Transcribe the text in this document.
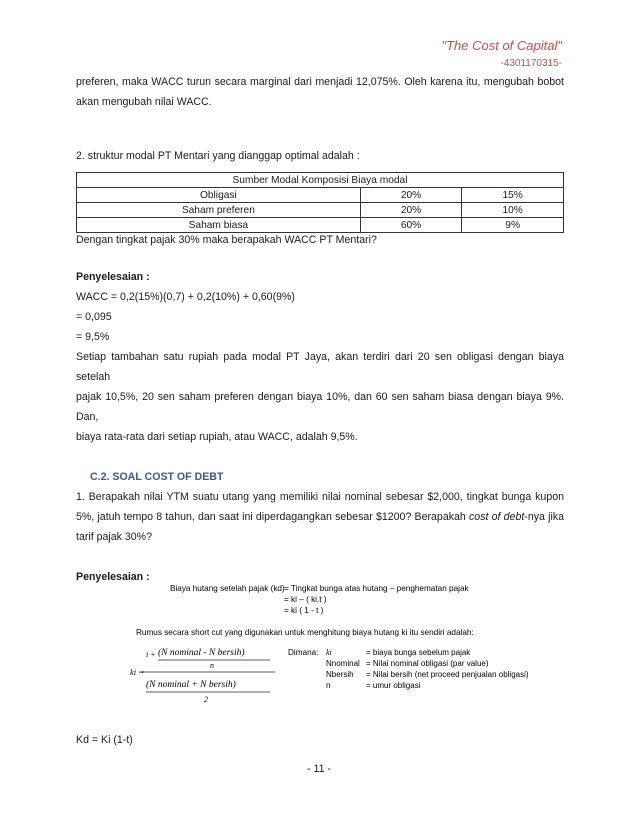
"The Cost of Capital"
-4301170315-

preferen, maka WACC turun secara marginal dari menjadi 12,075%. Oleh karena itu, mengubah bobot

akan mengubah nilai WACC.

2. struktur modal PT Mentari yang dianggap optimal adalah :

Sumber Modal Komposisi Biaya modal		
Obligasi	20%	15%
Saham preferen	20%	10%
Saham biasa	60%	9%

Dengan tingkat pajak 30% maka berapakah WACC PT Mentari?

Penyelesaian :

WACC = 0,2(15%)(0,7) + 0,2(10%) + 0,60(9%)

= 0,095

= 9,5%

Setiap tambahan satu rupiah pada modal PT Jaya, akan terdiri dari 20 sen obligasi dengan biaya setelah

pajak 10,5%, 20 sen saham preferen dengan biaya 10%, dan 60 sen saham biasa dengan biaya 9%. Dan,

biaya rata-rata dari setiap rupiah, atau WACC, adalah 9,5%.

C.2. SOAL COST OF DEBT

1. Berapakah nilai YTM suatu utang yang memiliki nilai nominal sebesar $2,000, tingkat bunga kupon

5%, jatuh tempo 8 tahun, dan saat ini diperdagangkan sebesar $1200? Berapakah cost of debt-nya jika

tarif pajak 30%?

Penyelesaian :

Biaya hutang setelah pajak (kd) = Tingkat bunga atas hutang – penghematan pajak
= ki – ( ki.t )
= ki ( 1 - t )
Rumus secara short cut yang digunakan untuk menghitung biaya hutang ki itu sendiri adalah:
ki =
i + (N nominal - N bersih)
n
(N nominal + N bersih)
2
Dimana: ki	= biaya bunga sebelum pajak
Nnominal = Nilai nominal obligasi (par value)
Nbersih = Nilai bersih (net proceed penjualan obligasi)
n	= umur obligasi
Kd = Ki (1-t)
- 11 -
